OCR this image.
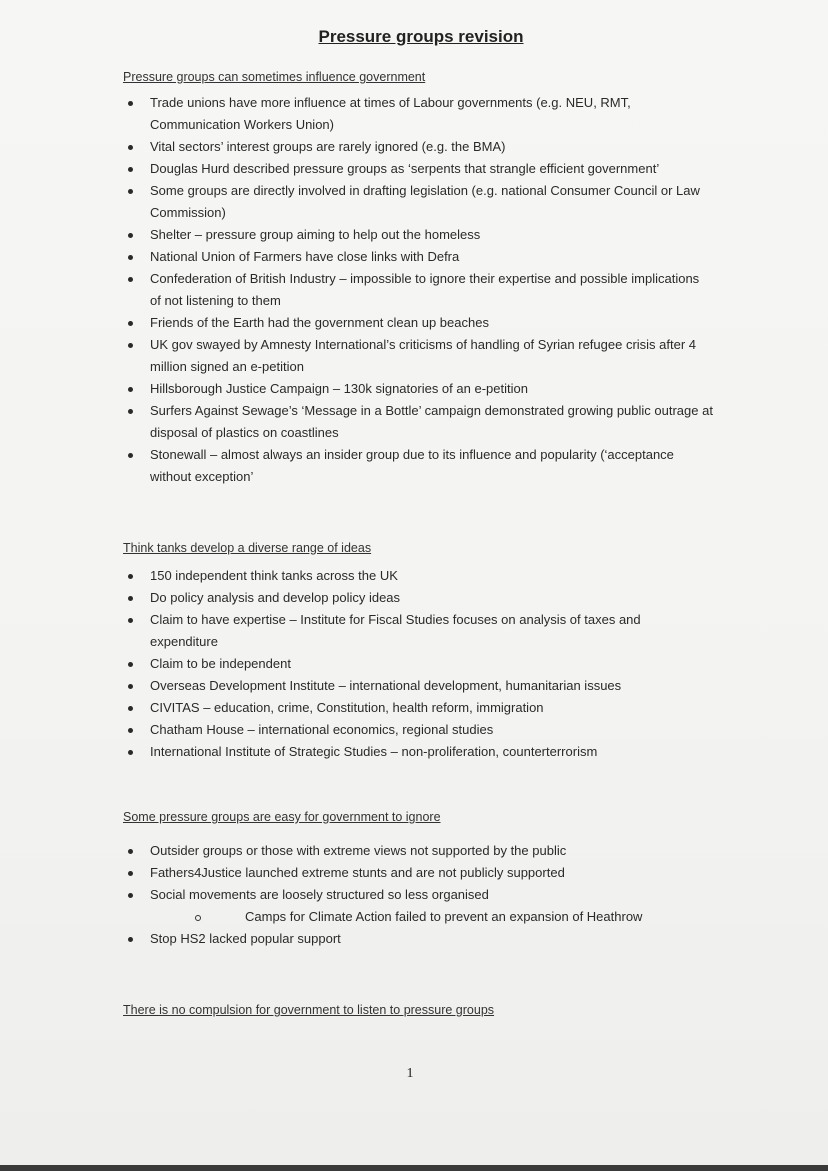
Pressure groups revision
Pressure groups can sometimes influence government
Trade unions have more influence at times of Labour governments (e.g. NEU, RMT, Communication Workers Union)
Vital sectors’ interest groups are rarely ignored (e.g. the BMA)
Douglas Hurd described pressure groups as ‘serpents that strangle efficient government’
Some groups are directly involved in drafting legislation (e.g. national Consumer Council or Law Commission)
Shelter – pressure group aiming to help out the homeless
National Union of Farmers have close links with Defra
Confederation of British Industry – impossible to ignore their expertise and possible implications of not listening to them
Friends of the Earth had the government clean up beaches
UK gov swayed by Amnesty International’s criticisms of handling of Syrian refugee crisis after 4 million signed an e-petition
Hillsborough Justice Campaign – 130k signatories of an e-petition
Surfers Against Sewage’s ‘Message in a Bottle’ campaign demonstrated growing public outrage at disposal of plastics on coastlines
Stonewall – almost always an insider group due to its influence and popularity (‘acceptance without exception’
Think tanks develop a diverse range of ideas
150 independent think tanks across the UK
Do policy analysis and develop policy ideas
Claim to have expertise – Institute for Fiscal Studies focuses on analysis of taxes and expenditure
Claim to be independent
Overseas Development Institute – international development, humanitarian issues
CIVITAS – education, crime, Constitution, health reform, immigration
Chatham House – international economics, regional studies
International Institute of Strategic Studies – non-proliferation, counterterrorism
Some pressure groups are easy for government to ignore
Outsider groups or those with extreme views not supported by the public
Fathers4Justice launched extreme stunts and are not publicly supported
Social movements are loosely structured so less organised
Camps for Climate Action failed to prevent an expansion of Heathrow
Stop HS2 lacked popular support
There is no compulsion for government to listen to pressure groups
1
